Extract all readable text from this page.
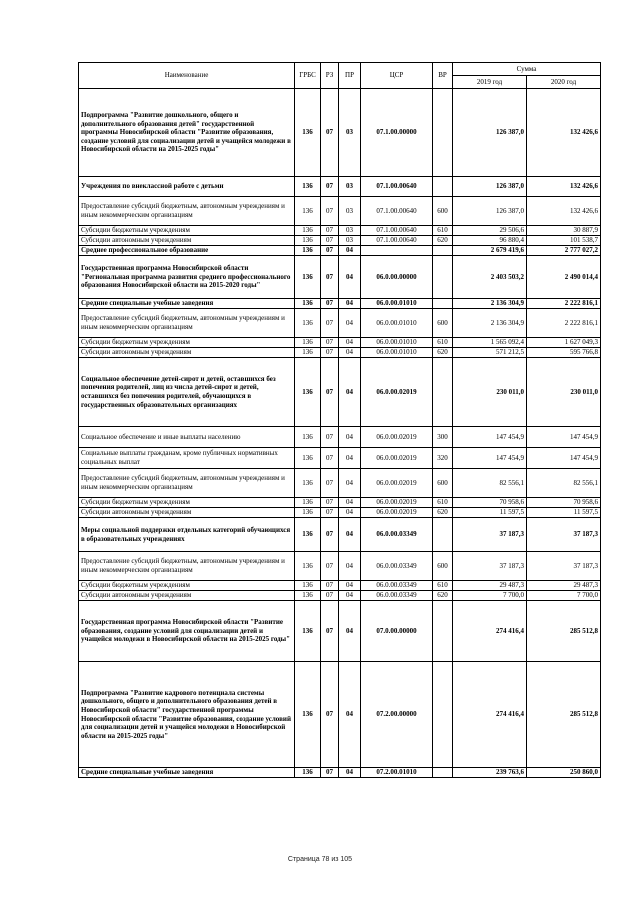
Наименование	ГРБС	РЗ	ПР	ЦСР	ВР	Сумма	
						2019 год	2020 год
Подпрограмма "Развитие дошкольного, общего и дополнительного образования детей" государственной программы Новосибирской области "Развитие образования, создание условий для социализации детей и учащейся молодежи в Новосибирской области на 2015-2025 годы"	136	07	03	07.1.00.00000		126 387,0	132 426,6
Учреждения по внеклассной работе с детьми	136	07	03	07.1.00.00640		126 387,0	132 426,6
Предоставление субсидий бюджетным, автономным учреждениям и иным некоммерческим организациям	136	07	03	07.1.00.00640	600	126 387,0	132 426,6
Субсидии бюджетным учреждениям	136	07	03	07.1.00.00640	610	29 506,6	30 887,9
Субсидии автономным учреждениям	136	07	03	07.1.00.00640	620	96 880,4	101 538,7
Среднее профессиональное образование	136	07	04			2 679 419,6	2 777 027,2
Государственная программа Новосибирской области "Региональная программа развития среднего профессионального образования Новосибирской области на 2015-2020 годы"	136	07	04	06.0.00.00000		2 403 503,2	2 490 014,4
Средние специальные учебные заведения	136	07	04	06.0.00.01010		2 136 304,9	2 222 816,1
Предоставление субсидий бюджетным, автономным учреждениям и иным некоммерческим организациям	136	07	04	06.0.00.01010	600	2 136 304,9	2 222 816,1
Субсидии бюджетным учреждениям	136	07	04	06.0.00.01010	610	1 565 092,4	1 627 049,3
Субсидии автономным учреждениям	136	07	04	06.0.00.01010	620	571 212,5	595 766,8
Социальное обеспечение детей-сирот и детей, оставшихся без попечения родителей, лиц из числа детей-сирот и детей, оставшихся без попечения родителей, обучающихся в государственных образовательных организациях	136	07	04	06.0.00.02019		230 011,0	230 011,0
Социальное обеспечение и иные выплаты населению	136	07	04	06.0.00.02019	300	147 454,9	147 454,9
Социальные выплаты гражданам, кроме публичных нормативных социальных выплат	136	07	04	06.0.00.02019	320	147 454,9	147 454,9
Предоставление субсидий бюджетным, автономным учреждениям и иным некоммерческим организациям	136	07	04	06.0.00.02019	600	82 556,1	82 556,1
Субсидии бюджетным учреждениям	136	07	04	06.0.00.02019	610	70 958,6	70 958,6
Субсидии автономным учреждениям	136	07	04	06.0.00.02019	620	11 597,5	11 597,5
Меры социальной поддержки отдельных категорий обучающихся в образовательных учреждениях	136	07	04	06.0.00.03349		37 187,3	37 187,3
Предоставление субсидий бюджетным, автономным учреждениям и иным некоммерческим организациям	136	07	04	06.0.00.03349	600	37 187,3	37 187,3
Субсидии бюджетным учреждениям	136	07	04	06.0.00.03349	610	29 487,3	29 487,3
Субсидии автономным учреждениям	136	07	04	06.0.00.03349	620	7 700,0	7 700,0
Государственная программа Новосибирской области "Развитие образования, создание условий для социализации детей и учащейся молодежи в Новосибирской области на 2015-2025 годы"	136	07	04	07.0.00.00000		274 416,4	285 512,8
Подпрограмма "Развитие кадрового потенциала системы дошкольного, общего и дополнительного образования детей в Новосибирской области" государственной программы Новосибирской области "Развитие образования, создание условий для социализации детей и учащейся молодежи в Новосибирской области на 2015-2025 годы"	136	07	04	07.2.00.00000		274 416,4	285 512,8
Средние специальные учебные заведения	136	07	04	07.2.00.01010		239 763,6	250 860,0
Страница 78 из 105
